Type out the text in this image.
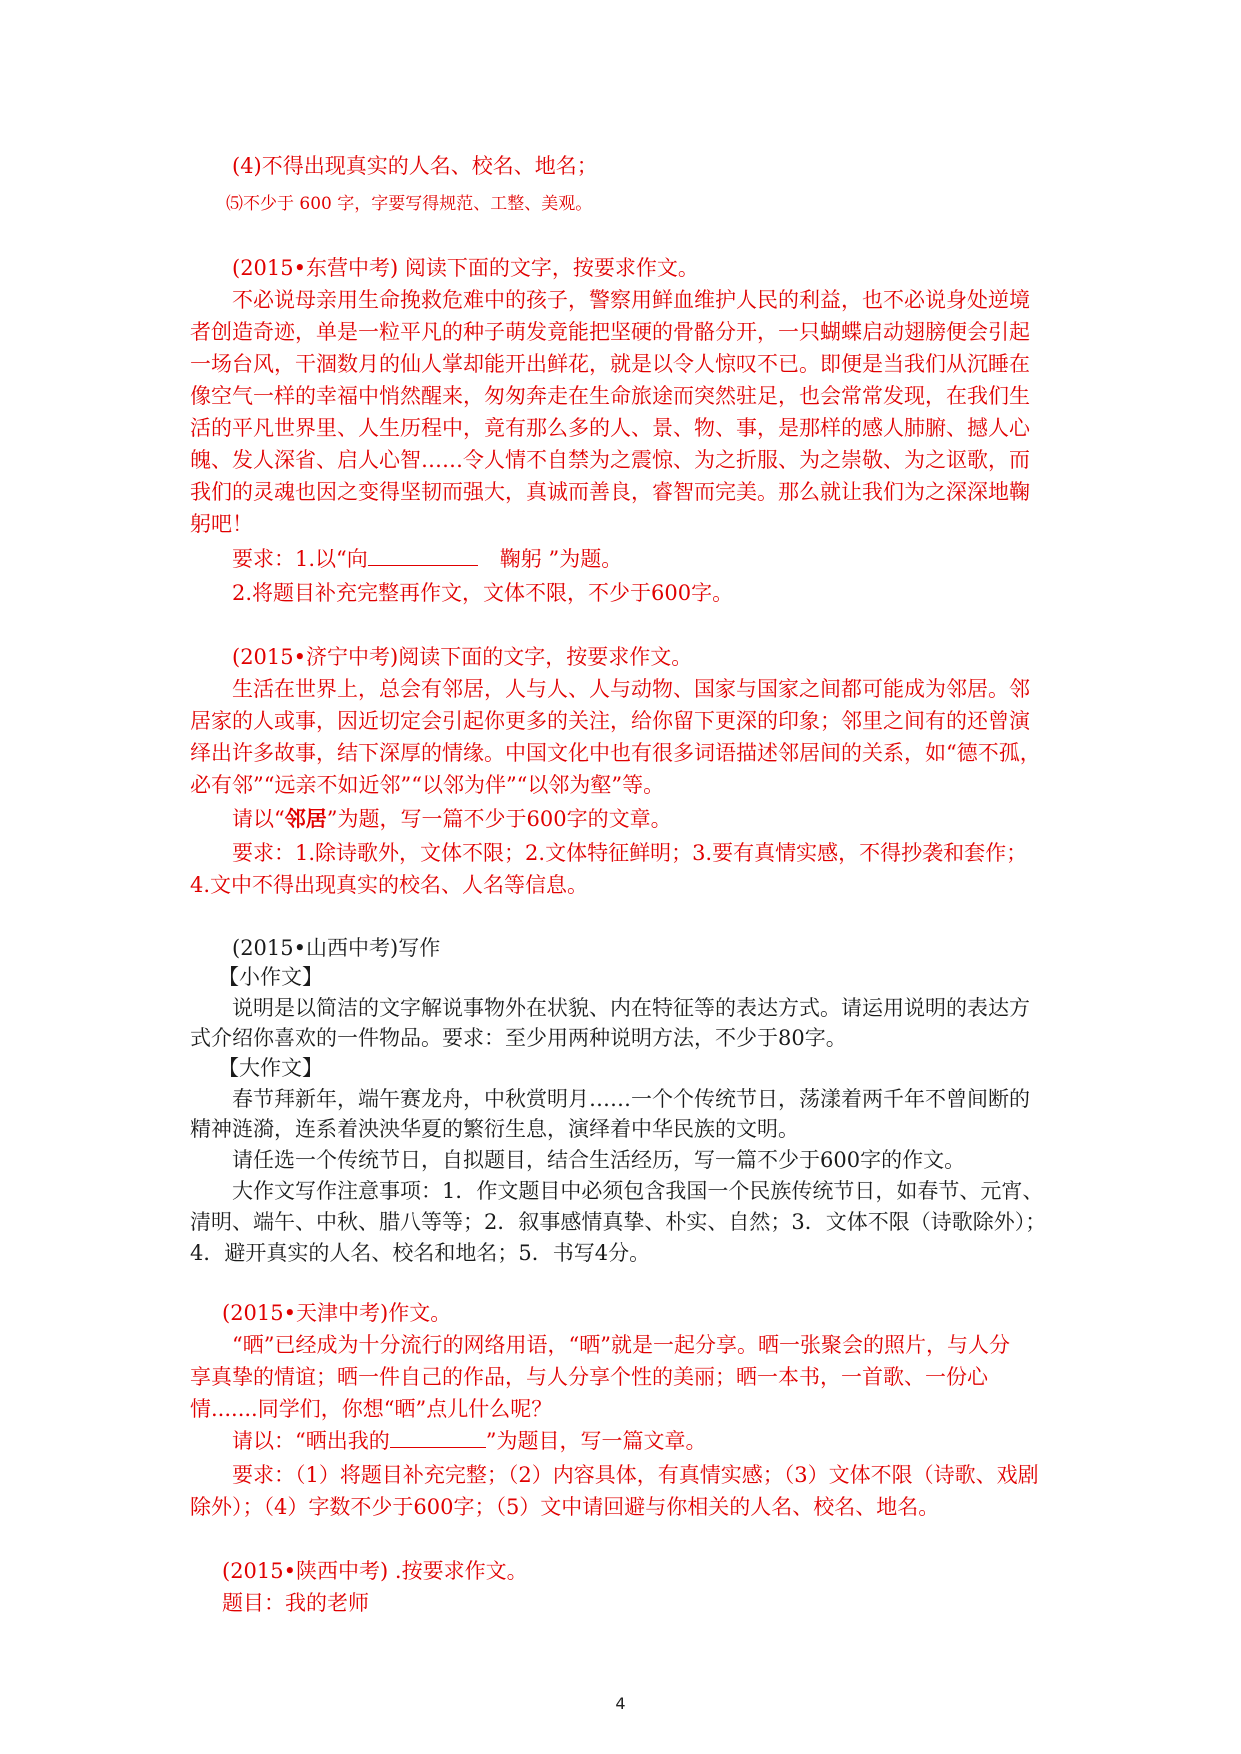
(4)不得出现真实的人名、校名、地名；
⑸不少于 600 字，字要写得规范、工整、美观。
(2015•东营中考) 阅读下面的文字，按要求作文。
不必说母亲用生命挽救危难中的孩子，警察用鲜血维护人民的利益，也不必说身处逆境
者创造奇迹，单是一粒平凡的种子萌发竟能把坚硬的骨骼分开，一只蝴蝶启动翅膀便会引起
一场台风，干涸数月的仙人掌却能开出鲜花，就是以令人惊叹不已。即便是当我们从沉睡在
像空气一样的幸福中悄然醒来，匆匆奔走在生命旅途而突然驻足，也会常常发现，在我们生
活的平凡世界里、人生历程中，竟有那么多的人、景、物、事，是那样的感人肺腑、撼人心
魄、发人深省、启人心智……令人情不自禁为之震惊、为之折服、为之崇敬、为之讴歌，而
我们的灵魂也因之变得坚韧而强大，真诚而善良，睿智而完美。那么就让我们为之深深地鞠
躬吧！
要求：1.以“向	鞠躬 ”为题。
2.将题目补充完整再作文，文体不限，不少于600字。
(2015•济宁中考)阅读下面的文字，按要求作文。
生活在世界上，总会有邻居，人与人、人与动物、国家与国家之间都可能成为邻居。邻
居家的人或事，因近切定会引起你更多的关注，给你留下更深的印象；邻里之间有的还曾演
绎出许多故事，结下深厚的情缘。中国文化中也有很多词语描述邻居间的关系，如“德不孤，
必有邻”“远亲不如近邻”“以邻为伴”“以邻为壑”等。
请以“邻居”为题，写一篇不少于600字的文章。
要求：1.除诗歌外，文体不限；2.文体特征鲜明；3.要有真情实感，不得抄袭和套作；
4.文中不得出现真实的校名、人名等信息。
(2015•山西中考)写作
【小作文】
说明是以简洁的文字解说事物外在状貌、内在特征等的表达方式。请运用说明的表达方
式介绍你喜欢的一件物品。要求：至少用两种说明方法，不少于80字。
【大作文】
春节拜新年，端午赛龙舟，中秋赏明月……一个个传统节日，荡漾着两千年不曾间断的
精神涟漪，连系着泱泱华夏的繁衍生息，演绎着中华民族的文明。
请任选一个传统节日，自拟题目，结合生活经历，写一篇不少于600字的作文。
大作文写作注意事项：1．作文题目中必须包含我国一个民族传统节日，如春节、元宵、
清明、端午、中秋、腊八等等；2．叙事感情真挚、朴实、自然；3．文体不限（诗歌除外）；
4．避开真实的人名、校名和地名；5．书写4分。
(2015•天津中考)作文。
“晒”已经成为十分流行的网络用语，“晒”就是一起分享。晒一张聚会的照片，与人分
享真挚的情谊；晒一件自己的作品，与人分享个性的美丽；晒一本书，一首歌、一份心
情.......同学们，你想“晒”点儿什么呢？
请以：“晒出我的	”为题目，写一篇文章。
要求：（1）将题目补充完整；（2）内容具体，有真情实感；（3）文体不限（诗歌、戏剧
除外）；（4）字数不少于600字；（5）文中请回避与你相关的人名、校名、地名。
(2015•陕西中考) .按要求作文。
题目：我的老师
4
